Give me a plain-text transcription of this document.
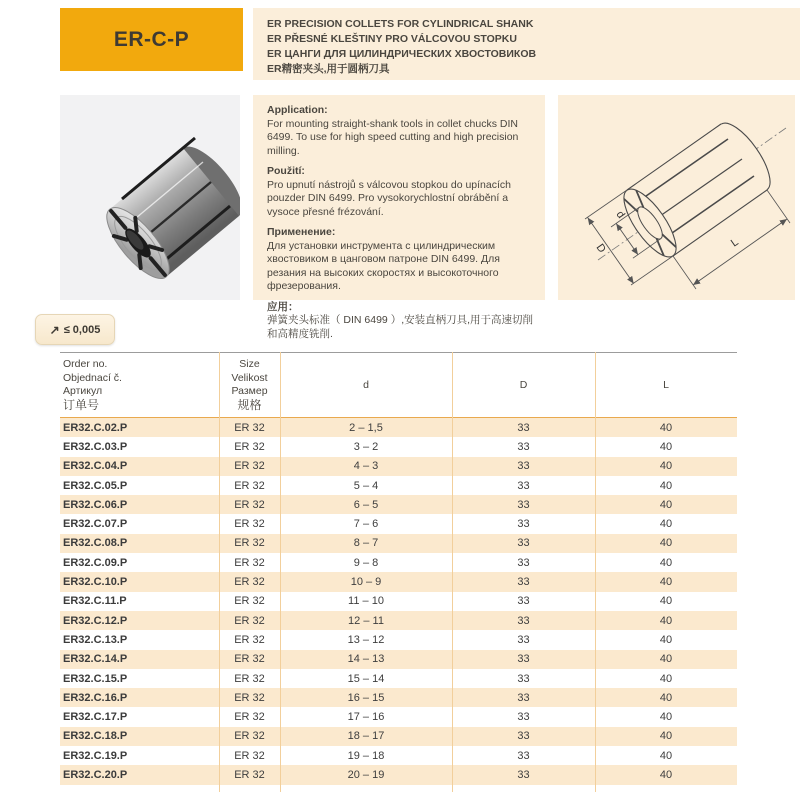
ER-C-P
ER PRECISION COLLETS FOR CYLINDRICAL SHANK
ER PŘESNÉ KLEŠTINY PRO VÁLCOVOU STOPKU
ER ЦАНГИ ДЛЯ ЦИЛИНДРИЧЕСКИХ ХВОСТОВИКОВ
ER精密夹头,用于圆柄刀具

Application:
For mounting straight-shank tools in collet chucks DIN 6499. To use for high speed cutting and high precision milling.

Použití:
Pro upnutí nástrojů s válcovou stopkou do upínacích pouzder DIN 6499. Pro vysokorychlostní obrábění a vysoce přesné frézování.

Применение:
Для установки инструмента с цилиндрическим хвостовиком в цанговом патроне DIN 6499. Для резания на высоких скоростях и высокоточного фрезерования.

应用：
弹簧夹头标准（ DIN 6499 ）,安装直柄刀具,用于高速切削和高精度铣削.

D
d
L
↗ ≤ 0,005
Order no.
Objednací č.
Артикул
订单号
Size
Velikost
Размер
规格
d	D	L
ER32.C.02.P	ER 32	2 – 1,5	33	40
ER32.C.03.P	ER 32	3 – 2	33	40
ER32.C.04.P	ER 32	4 – 3	33	40
ER32.C.05.P	ER 32	5 – 4	33	40
ER32.C.06.P	ER 32	6 – 5	33	40
ER32.C.07.P	ER 32	7 – 6	33	40
ER32.C.08.P	ER 32	8 – 7	33	40
ER32.C.09.P	ER 32	9 – 8	33	40
ER32.C.10.P	ER 32	10 – 9	33	40
ER32.C.11.P	ER 32	11 – 10	33	40
ER32.C.12.P	ER 32	12 – 11	33	40
ER32.C.13.P	ER 32	13 – 12	33	40
ER32.C.14.P	ER 32	14 – 13	33	40
ER32.C.15.P	ER 32	15 – 14	33	40
ER32.C.16.P	ER 32	16 – 15	33	40
ER32.C.17.P	ER 32	17 – 16	33	40
ER32.C.18.P	ER 32	18 – 17	33	40
ER32.C.19.P	ER 32	19 – 18	33	40
ER32.C.20.P	ER 32	20 – 19	33	40
